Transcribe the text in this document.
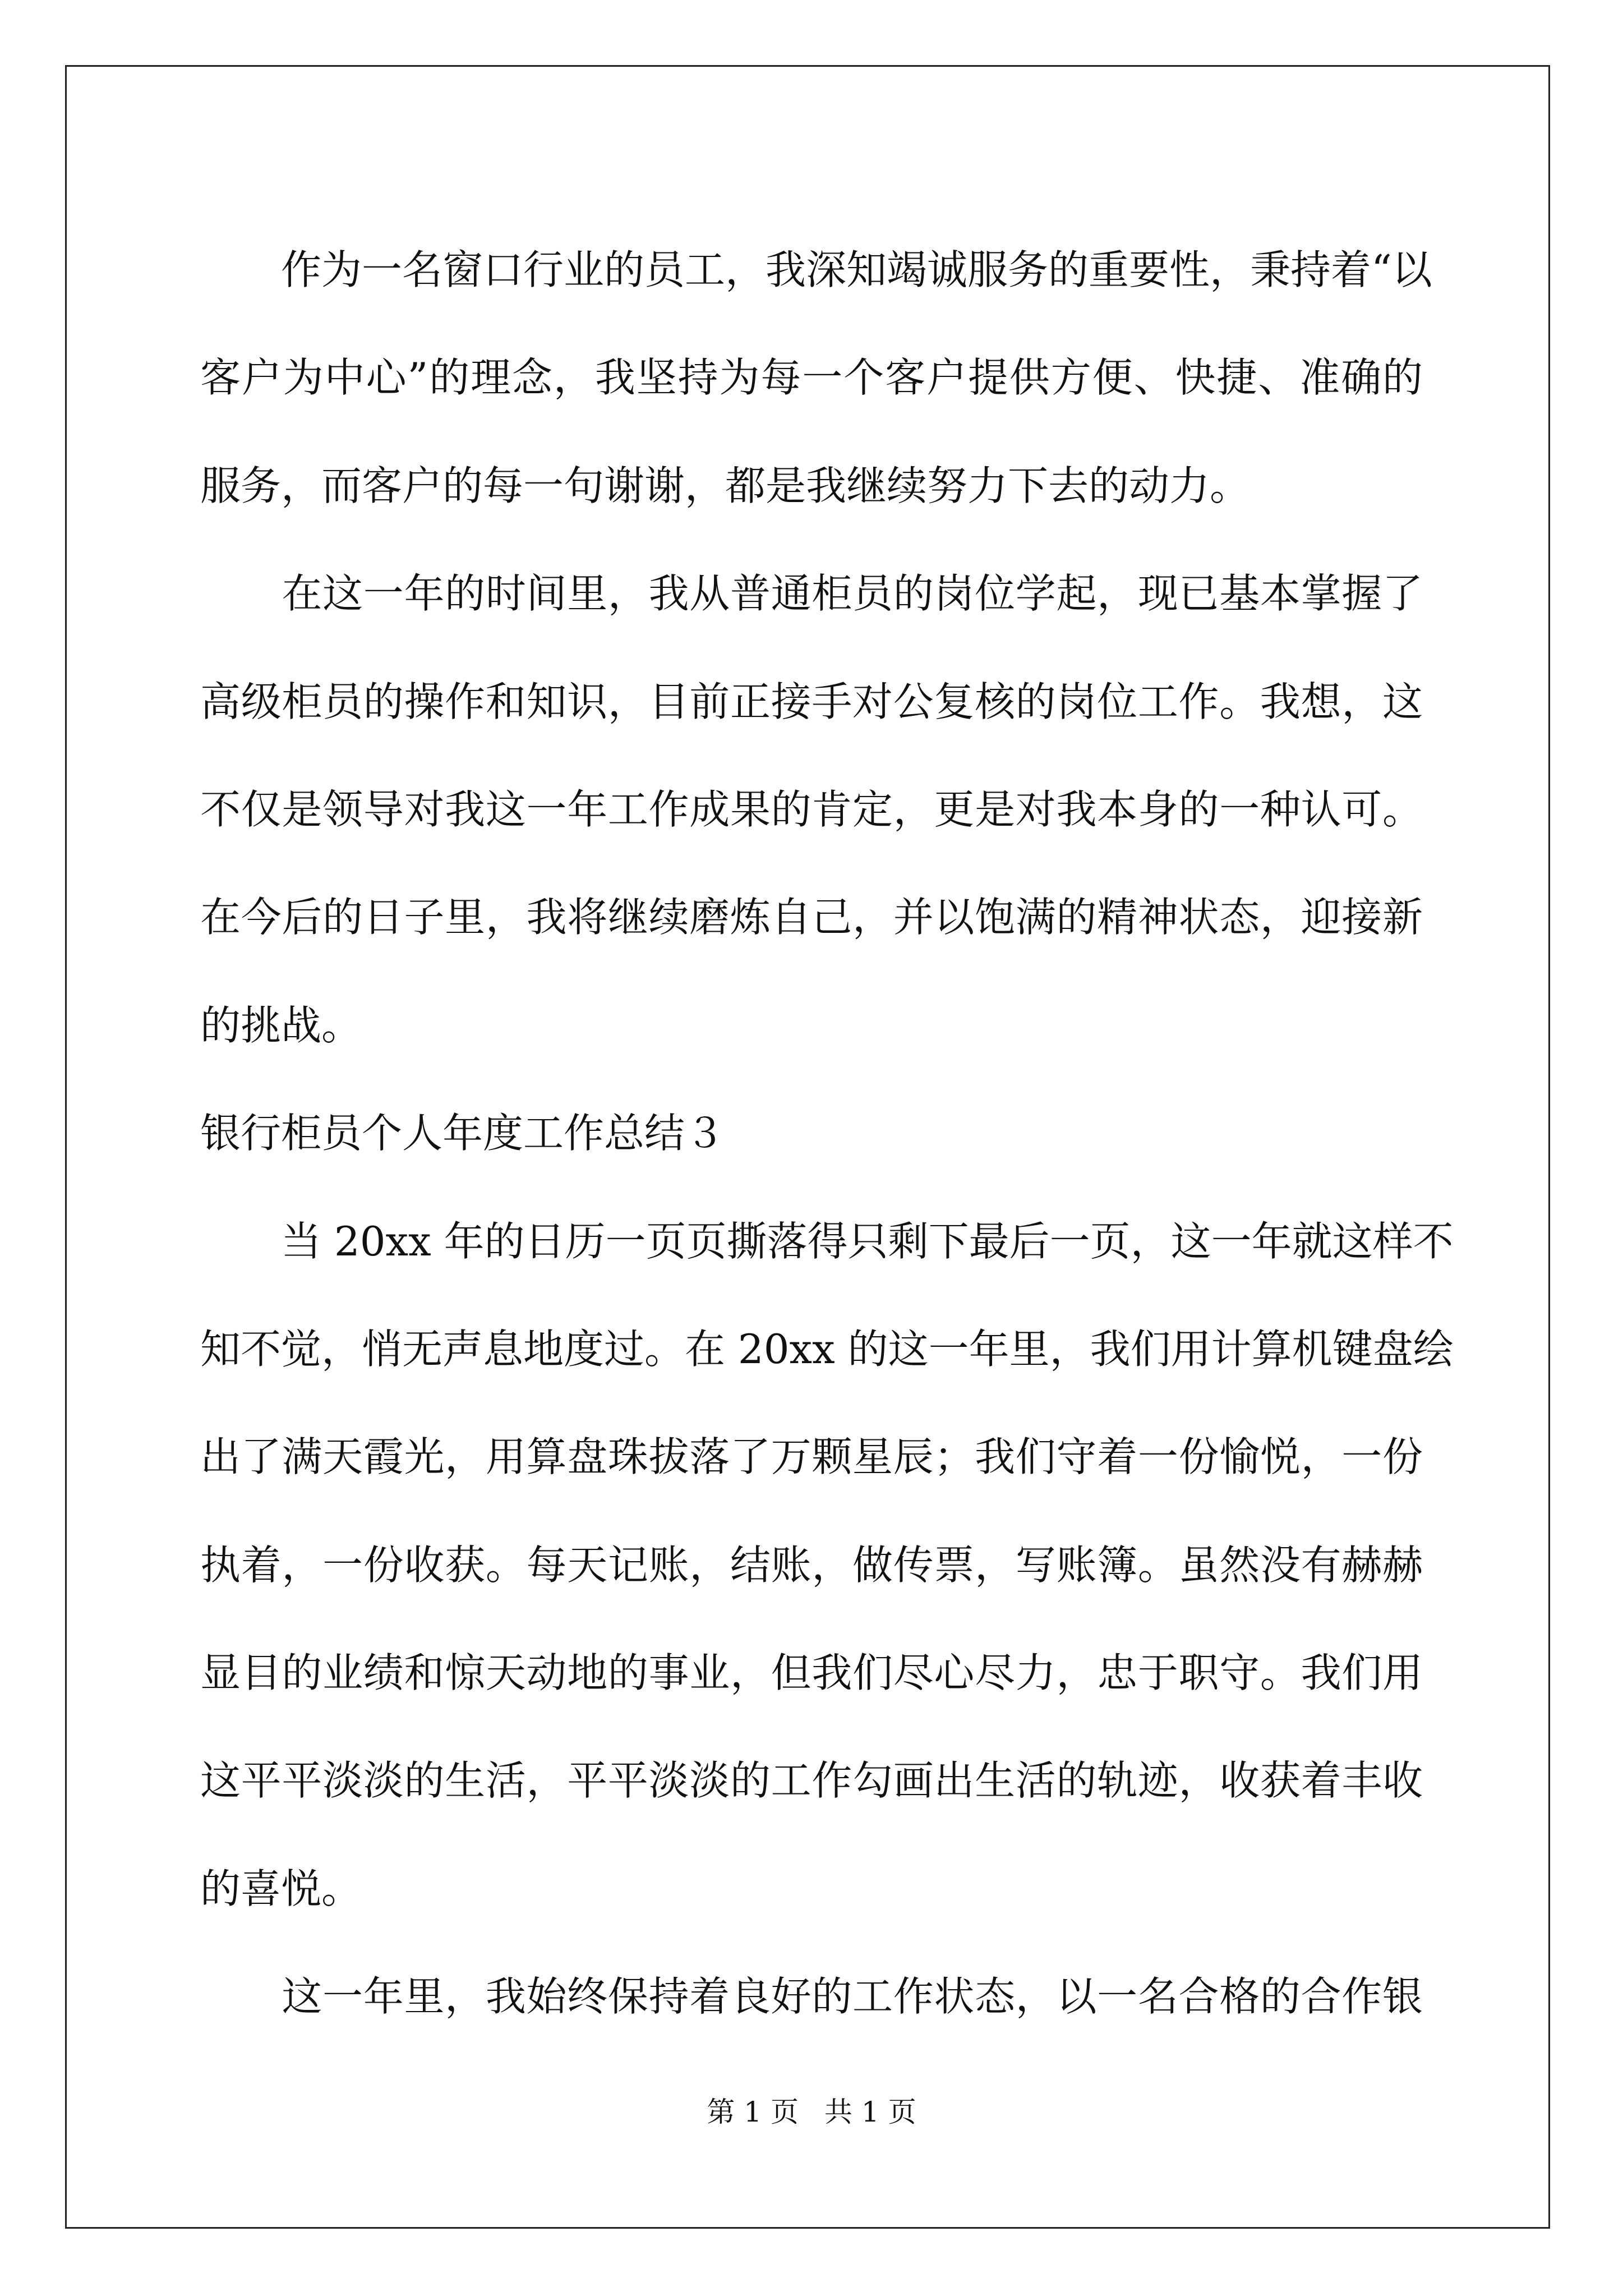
　　作为一名窗口行业的员工，我深知竭诚服务的重要性，秉持着“以
客户为中心”的理念，我坚持为每一个客户提供方便、快捷、准确的
服务，而客户的每一句谢谢，都是我继续努力下去的动力。
　　在这一年的时间里，我从普通柜员的岗位学起，现已基本掌握了
高级柜员的操作和知识，目前正接手对公复核的岗位工作。我想，这
不仅是领导对我这一年工作成果的肯定，更是对我本身的一种认可。
在今后的日子里，我将继续磨炼自己，并以饱满的精神状态，迎接新
的挑战。
银行柜员个人年度工作总结３
　　当 20xx 年的日历一页页撕落得只剩下最后一页，这一年就这样不
知不觉，悄无声息地度过。在 20xx 的这一年里，我们用计算机键盘绘
出了满天霞光，用算盘珠拔落了万颗星辰；我们守着一份愉悦，一份
执着，一份收获。每天记账，结账，做传票，写账簿。虽然没有赫赫
显目的业绩和惊天动地的事业，但我们尽心尽力，忠于职守。我们用
这平平淡淡的生活，平平淡淡的工作勾画出生活的轨迹，收获着丰收
的喜悦。
　　这一年里，我始终保持着良好的工作状态，以一名合格的合作银
第 1 页 共 1 页
